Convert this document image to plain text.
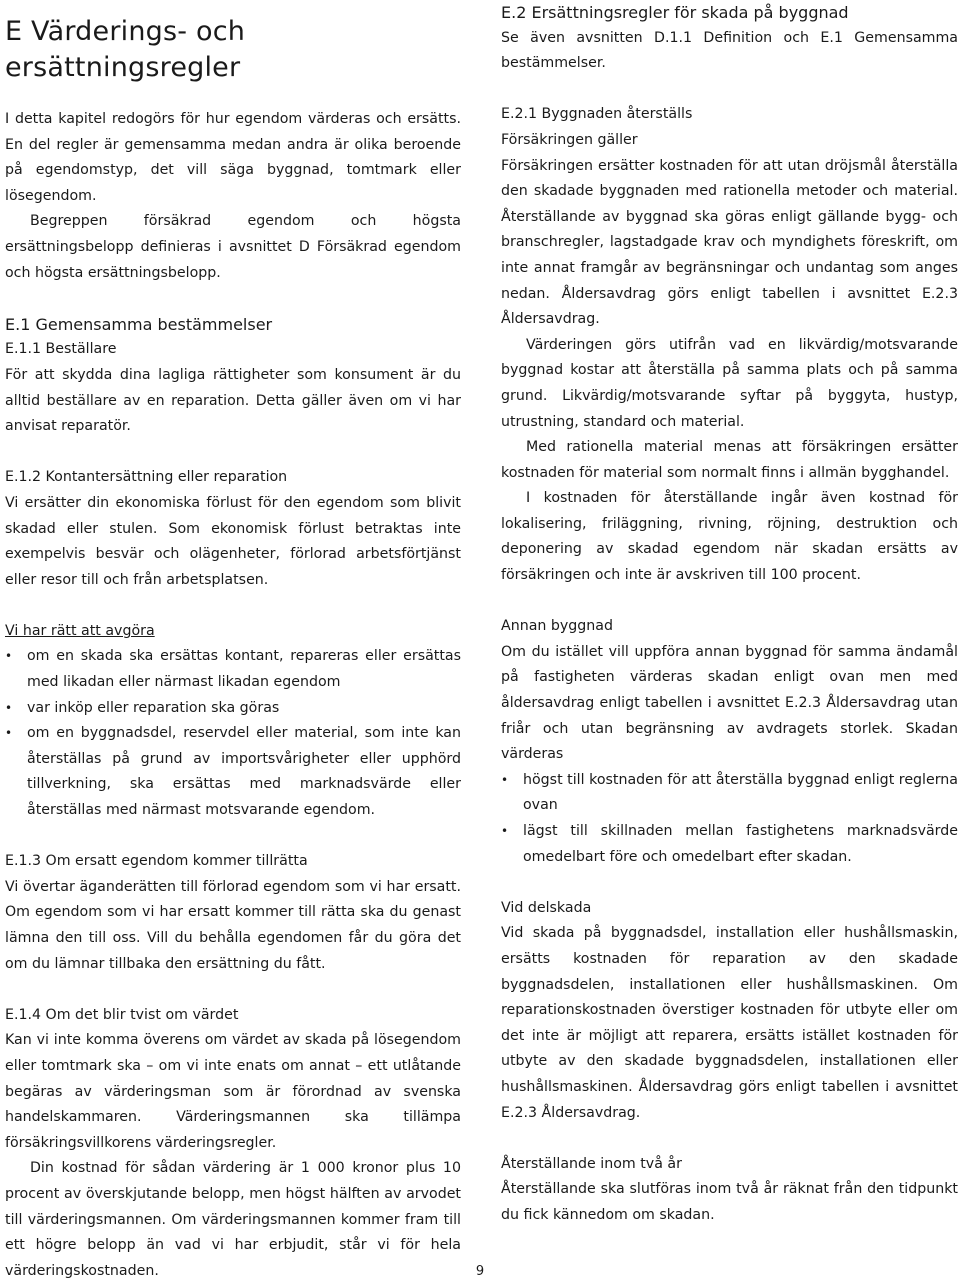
E Värderings- och ersättningsregler

I detta kapitel redogörs för hur egendom värderas och ersätts. En del regler är gemensamma medan andra är olika beroende på egendomstyp, det vill säga byggnad, tomtmark eller lösegendom.

Begreppen försäkrad egendom och högsta ersättningsbelopp definieras i avsnittet D Försäkrad egendom och högsta ersättningsbelopp.

E.1 Gemensamma bestämmelser
E.1.1 Beställare

För att skydda dina lagliga rättigheter som konsument är du alltid beställare av en reparation. Detta gäller även om vi har anvisat reparatör.

E.1.2 Kontantersättning eller reparation

Vi ersätter din ekonomiska förlust för den egendom som blivit skadad eller stulen. Som ekonomisk förlust betraktas inte exempelvis besvär och olägenheter, förlorad arbetsförtjänst eller resor till och från arbetsplatsen.

Vi har rätt att avgöra
• om en skada ska ersättas kontant, repareras eller ersättas med likadan eller närmast likadan egendom
• var inköp eller reparation ska göras
• om en byggnadsdel, reservdel eller material, som inte kan återställas på grund av importsvårigheter eller upphörd tillverkning, ska ersättas med marknadsvärde eller återställas med närmast motsvarande egendom.
E.1.3 Om ersatt egendom kommer tillrätta

Vi övertar äganderätten till förlorad egendom som vi har ersatt. Om egendom som vi har ersatt kommer till rätta ska du genast lämna den till oss. Vill du behålla egendomen får du göra det om du lämnar tillbaka den ersättning du fått.

E.1.4 Om det blir tvist om värdet

Kan vi inte komma överens om värdet av skada på lösegendom eller tomtmark ska – om vi inte enats om annat – ett utlåtande begäras av värderingsman som är förordnad av svenska handelskammaren. Värderingsmannen ska tillämpa försäkringsvillkorens värderingsregler.

Din kostnad för sådan värdering är 1 000 kronor plus 10 procent av överskjutande belopp, men högst hälften av arvodet till värderingsmannen. Om värderingsmannen kommer fram till ett högre belopp än vad vi har erbjudit, står vi för hela värderingskostnaden.

E.2 Ersättningsregler för skada på byggnad

Se även avsnitten D.1.1 Definition och E.1 Gemensamma bestämmelser.

E.2.1 Byggnaden återställs
Försäkringen gäller

Försäkringen ersätter kostnaden för att utan dröjsmål återställa den skadade byggnaden med rationella metoder och material. Återställande av byggnad ska göras enligt gällande bygg- och branschregler, lagstadgade krav och myndighets föreskrift, om inte annat framgår av begränsningar och undantag som anges nedan. Åldersavdrag görs enligt tabellen i avsnittet E.2.3 Åldersavdrag.

Värderingen görs utifrån vad en likvärdig/motsvarande byggnad kostar att återställa på samma plats och på samma grund. Likvärdig/motsvarande syftar på byggyta, hustyp, utrustning, standard och material.

Med rationella material menas att försäkringen ersätter kostnaden för material som normalt finns i allmän bygghandel.

I kostnaden för återställande ingår även kostnad för lokalisering, friläggning, rivning, röjning, destruktion och deponering av skadad egendom när skadan ersätts av försäkringen och inte är avskriven till 100 procent.

Annan byggnad

Om du istället vill uppföra annan byggnad för samma ändamål på fastigheten värderas skadan enligt ovan men med åldersavdrag enligt tabellen i avsnittet E.2.3 Åldersavdrag utan friår och utan begränsning av avdragets storlek. Skadan värderas

• högst till kostnaden för att återställa byggnad enligt reglerna ovan
• lägst till skillnaden mellan fastighetens marknadsvärde omedelbart före och omedelbart efter skadan.
Vid delskada

Vid skada på byggnadsdel, installation eller hushållsmaskin, ersätts kostnaden för reparation av den skadade byggnadsdelen, installationen eller hushållsmaskinen. Om reparationskostnaden överstiger kostnaden för utbyte eller om det inte är möjligt att reparera, ersätts istället kostnaden för utbyte av den skadade byggnadsdelen, installationen eller hushållsmaskinen. Åldersavdrag görs enligt tabellen i avsnittet E.2.3 Åldersavdrag.

Återställande inom två år

Återställande ska slutföras inom två år räknat från den tidpunkt du fick kännedom om skadan.

9
